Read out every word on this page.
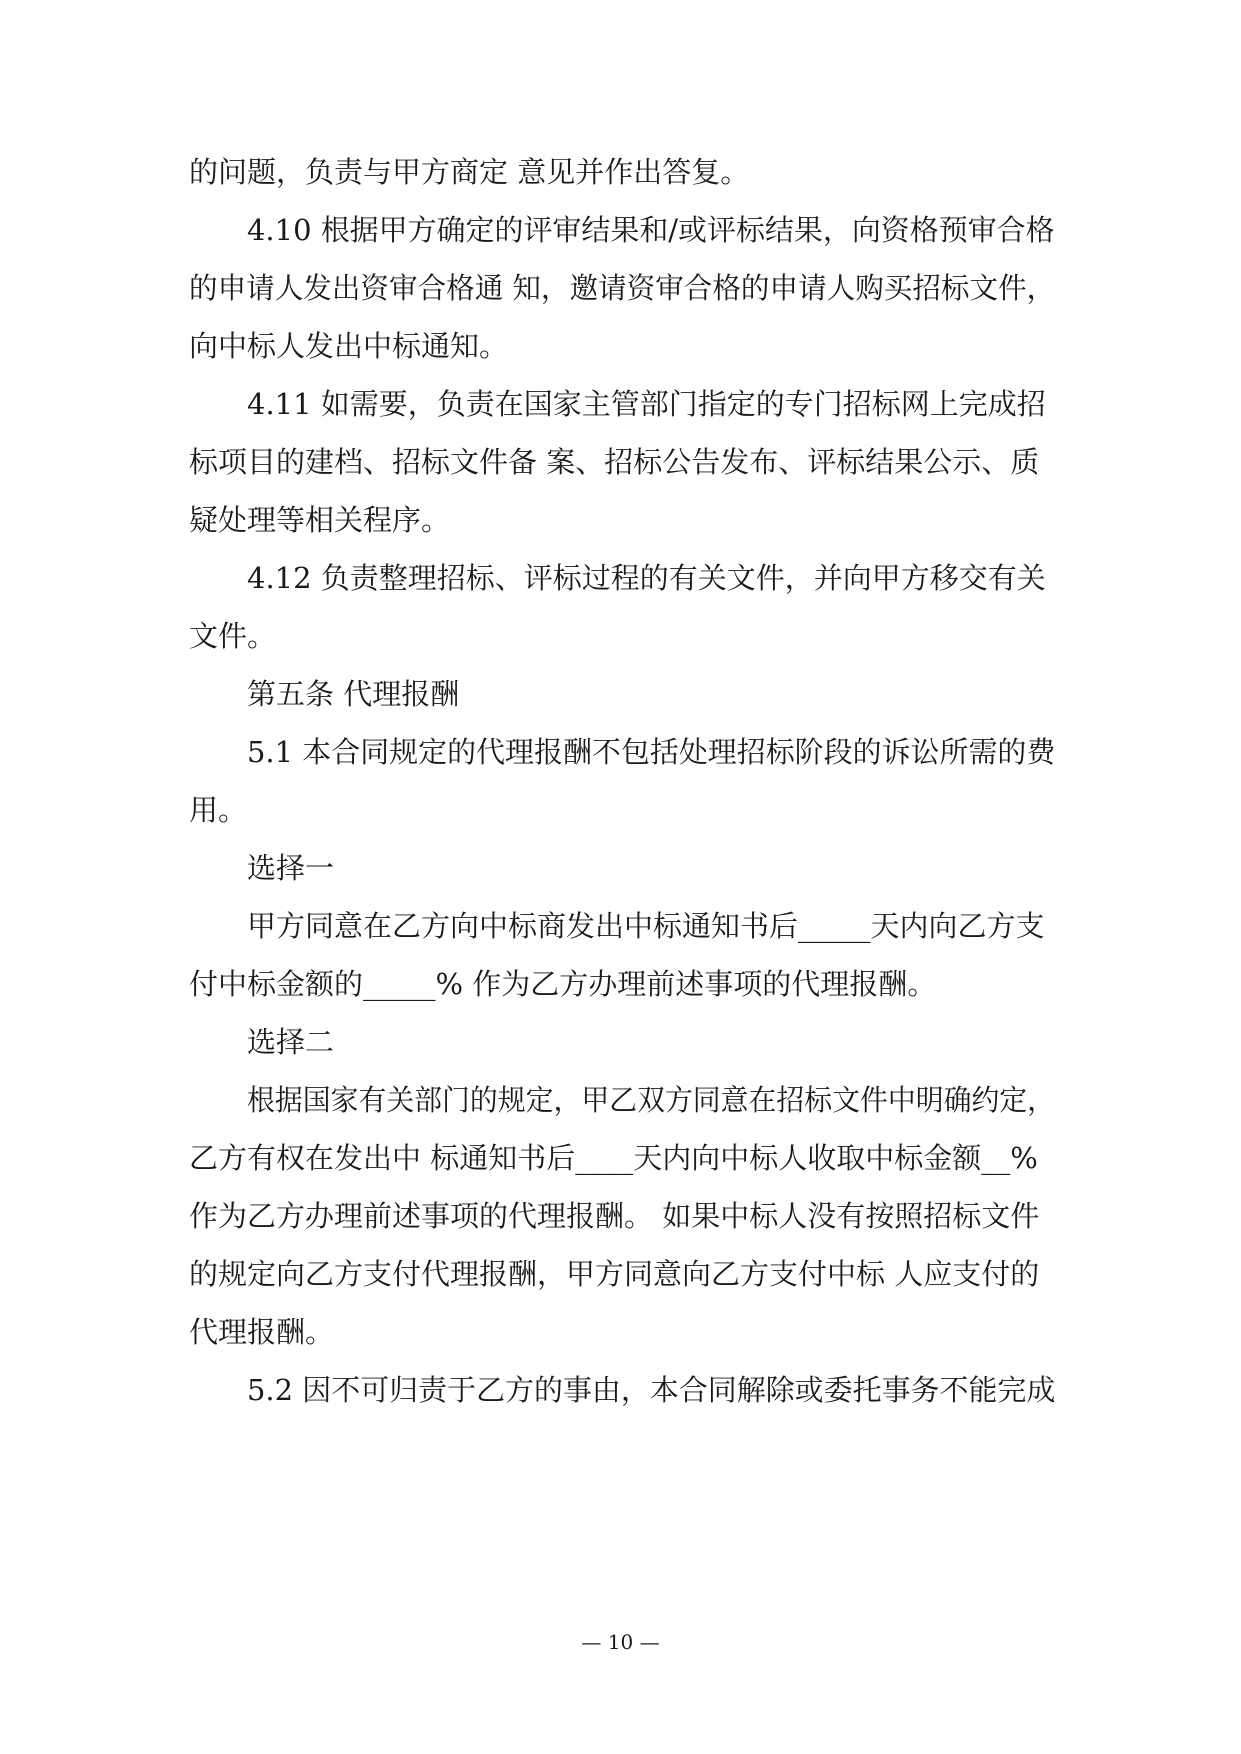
的问题，负责与甲方商定 意见并作出答复。
4.10 根据甲方确定的评审结果和/或评标结果，向资格预审合格
的申请人发出资审合格通 知，邀请资审合格的申请人购买招标文件，
向中标人发出中标通知。
4.11 如需要，负责在国家主管部门指定的专门招标网上完成招
标项目的建档、招标文件备 案、招标公告发布、评标结果公示、质
疑处理等相关程序。
4.12 负责整理招标、评标过程的有关文件，并向甲方移交有关
文件。
第五条 代理报酬
5.1 本合同规定的代理报酬不包括处理招标阶段的诉讼所需的费
用。
选择一
甲方同意在乙方向中标商发出中标通知书后_____天内向乙方支
付中标金额的_____% 作为乙方办理前述事项的代理报酬。
选择二
根据国家有关部门的规定，甲乙双方同意在招标文件中明确约定，
乙方有权在发出中 标通知书后____天内向中标人收取中标金额__%
作为乙方办理前述事项的代理报酬。 如果中标人没有按照招标文件
的规定向乙方支付代理报酬，甲方同意向乙方支付中标 人应支付的
代理报酬。
5.2 因不可归责于乙方的事由，本合同解除或委托事务不能完成
— 10 —
